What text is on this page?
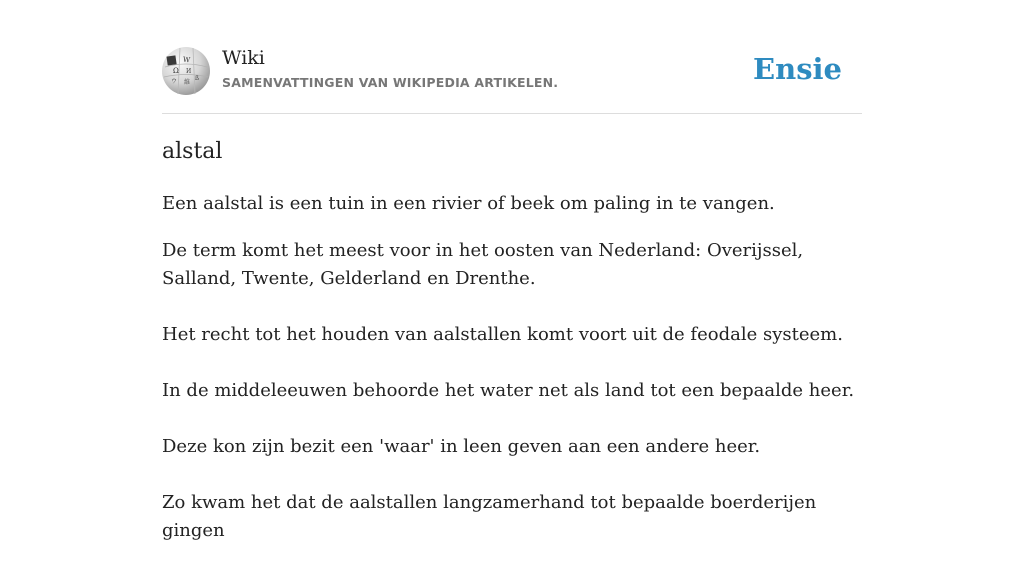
W
Ω И
ウ 維
ß
Wiki
SAMENVATTINGEN VAN WIKIPEDIA ARTIKELEN.	Ensie
alstal

Een aalstal is een tuin in een rivier of beek om paling in te vangen.

De term komt het meest voor in het oosten van Nederland: Overijssel, Salland, Twente, Gelderland en Drenthe.

Het recht tot het houden van aalstallen komt voort uit de feodale systeem.

In de middeleeuwen behoorde het water net als land tot een bepaalde heer.

Deze kon zijn bezit een 'waar' in leen geven aan een andere heer.

Zo kwam het dat de aalstallen langzamerhand tot bepaalde boerderijen gingen
